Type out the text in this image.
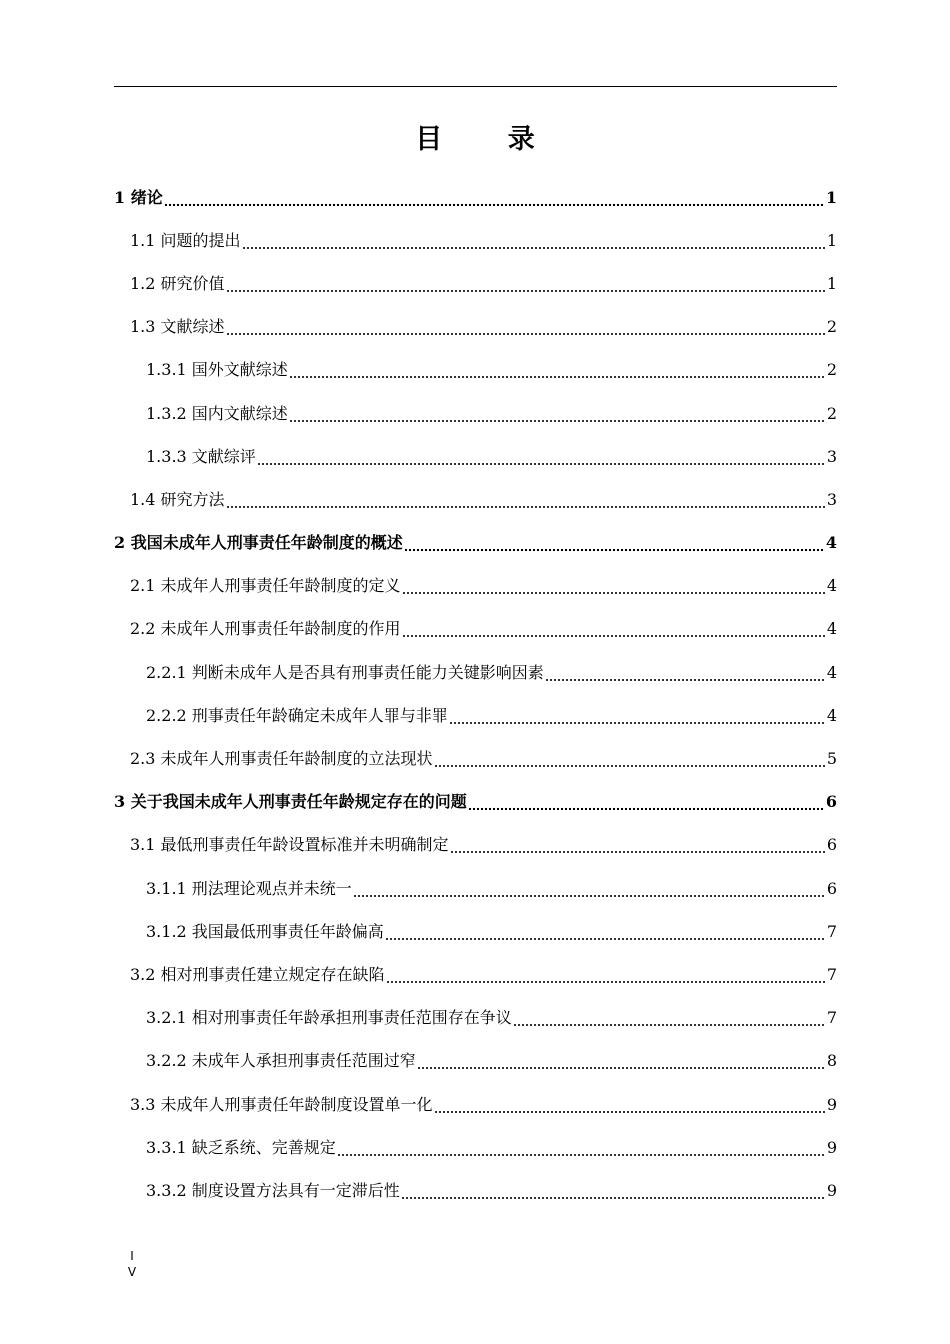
目 录
1 绪论	1
1.1 问题的提出	1
1.2 研究价值	1
1.3 文献综述	2
1.3.1 国外文献综述	2
1.3.2 国内文献综述	2
1.3.3 文献综评	3
1.4 研究方法	3
2 我国未成年人刑事责任年龄制度的概述	4
2.1 未成年人刑事责任年龄制度的定义	4
2.2 未成年人刑事责任年龄制度的作用	4
2.2.1 判断未成年人是否具有刑事责任能力关键影响因素	4
2.2.2 刑事责任年龄确定未成年人罪与非罪	4
2.3 未成年人刑事责任年龄制度的立法现状	5
3 关于我国未成年人刑事责任年龄规定存在的问题	6
3.1 最低刑事责任年龄设置标准并未明确制定	6
3.1.1 刑法理论观点并未统一	6
3.1.2 我国最低刑事责任年龄偏高	7
3.2 相对刑事责任建立规定存在缺陷	7
3.2.1 相对刑事责任年龄承担刑事责任范围存在争议	7
3.2.2 未成年人承担刑事责任范围过窄	8
3.3 未成年人刑事责任年龄制度设置单一化	9
3.3.1 缺乏系统、完善规定	9
3.3.2 制度设置方法具有一定滞后性	9
I
V
